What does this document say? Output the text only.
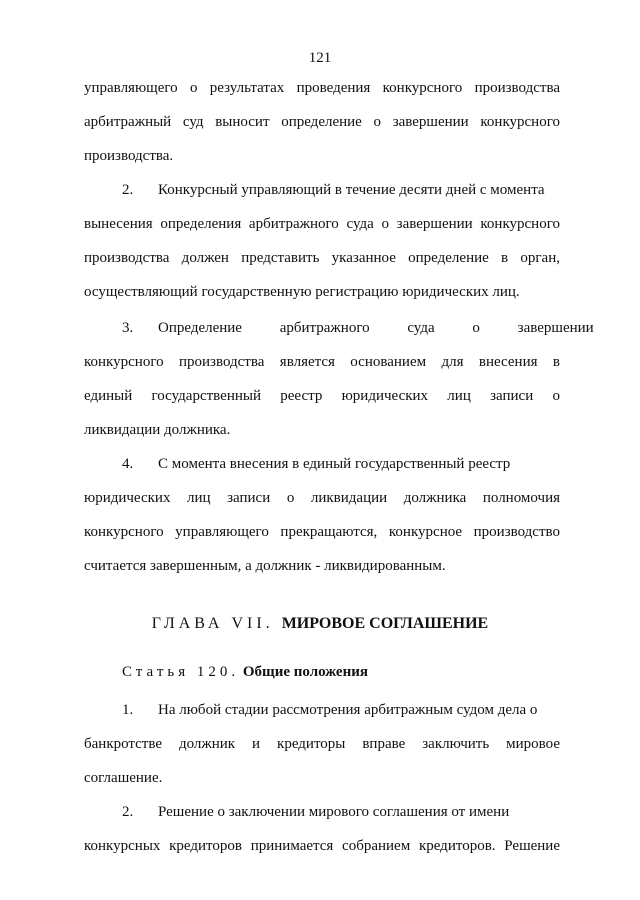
121
управляющего о результатах проведения конкурсного производства
арбитражный суд выносит определение о завершении конкурсного
производства.
2. Конкурсный управляющий в течение десяти дней с момента
вынесения определения арбитражного суда о завершении конкурсного
производства должен представить указанное определение в орган,
осуществляющий государственную регистрацию юридических лиц.
3. Определение арбитражного суда о завершении
конкурсного производства является основанием для внесения в
единый государственный реестр юридических лиц записи о
ликвидации должника.
4. С момента внесения в единый государственный реестр
юридических лиц записи о ликвидации должника полномочия
конкурсного управляющего прекращаются, конкурсное производство
считается завершенным, а должник - ликвидированным.
ГЛАВА VII. МИРОВОЕ СОГЛАШЕНИЕ
Статья 120. Общие положения
1. На любой стадии рассмотрения арбитражным судом дела о
банкротстве должник и кредиторы вправе заключить мировое
соглашение.
2. Решение о заключении мирового соглашения от имени
конкурсных кредиторов принимается собранием кредиторов. Решение
